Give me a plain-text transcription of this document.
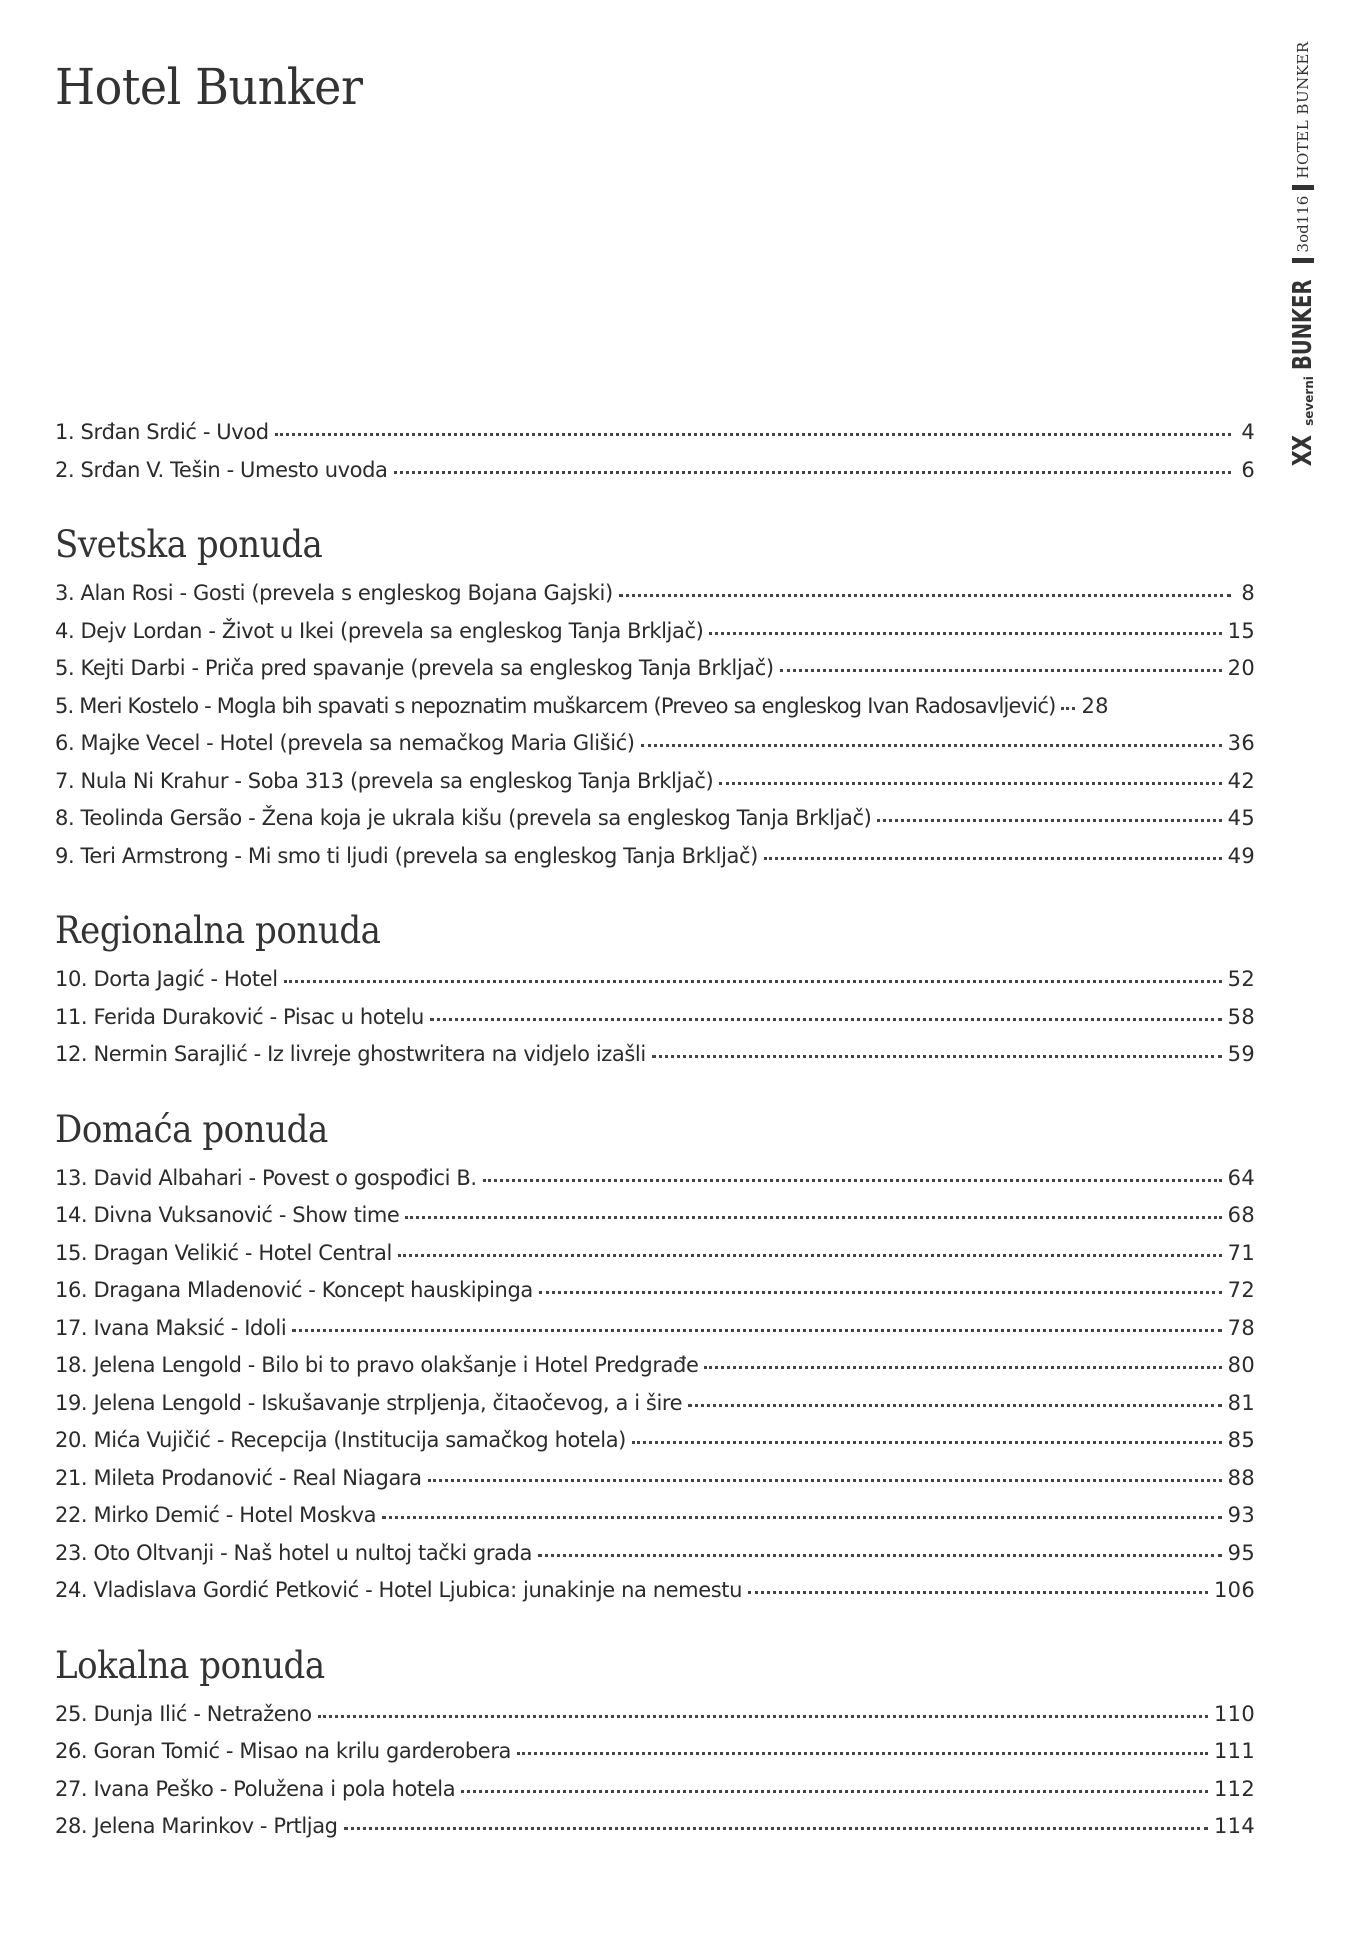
Hotel Bunker
XX
severni
BUNKER
3od116
HOTEL BUNKER
1. Srđan Srdić - Uvod	4
2. Srđan V. Tešin - Umesto uvoda	6
Svetska ponuda
3. Alan Rosi - Gosti (prevela s engleskog Bojana Gajski)	8
4. Dejv Lordan - Život u Ikei (prevela sa engleskog Tanja Brkljač)	15
5. Kejti Darbi - Priča pred spavanje (prevela sa engleskog Tanja Brkljač)	20
5. Meri Kostelo - Mogla bih spavati s nepoznatim muškarcem (Preveo sa engleskog Ivan Radosavljević) 28
6. Majke Vecel - Hotel (prevela sa nemačkog Maria Glišić)	36
7. Nula Ni Krahur - Soba 313 (prevela sa engleskog Tanja Brkljač)	42
8. Teolinda Gersão - Žena koja je ukrala kišu (prevela sa engleskog Tanja Brkljač)	45
9. Teri Armstrong - Mi smo ti ljudi (prevela sa engleskog Tanja Brkljač)	49
Regionalna ponuda
10. Dorta Jagić - Hotel	52
11. Ferida Duraković - Pisac u hotelu	58
12. Nermin Sarajlić - Iz livreje ghostwritera na vidjelo izašli	59
Domaća ponuda
13. David Albahari - Povest o gospođici B.	64
14. Divna Vuksanović - Show time	68
15. Dragan Velikić - Hotel Central	71
16. Dragana Mladenović - Koncept hauskipinga	72
17. Ivana Maksić - Idoli	78
18. Jelena Lengold - Bilo bi to pravo olakšanje i Hotel Predgrađe	80
19. Jelena Lengold - Iskušavanje strpljenja, čitaočevog, a i šire	81
20. Mića Vujičić - Recepcija (Institucija samačkog hotela)	85
21. Mileta Prodanović - Real Niagara	88
22. Mirko Demić - Hotel Moskva	93
23. Oto Oltvanji - Naš hotel u nultoj tački grada	95
24. Vladislava Gordić Petković - Hotel Ljubica: junakinje na nemestu	106
Lokalna ponuda
25. Dunja Ilić - Netraženo	110
26. Goran Tomić - Misao na krilu garderobera	111
27. Ivana Peško - Polužena i pola hotela	112
28. Jelena Marinkov - Prtljag	114
